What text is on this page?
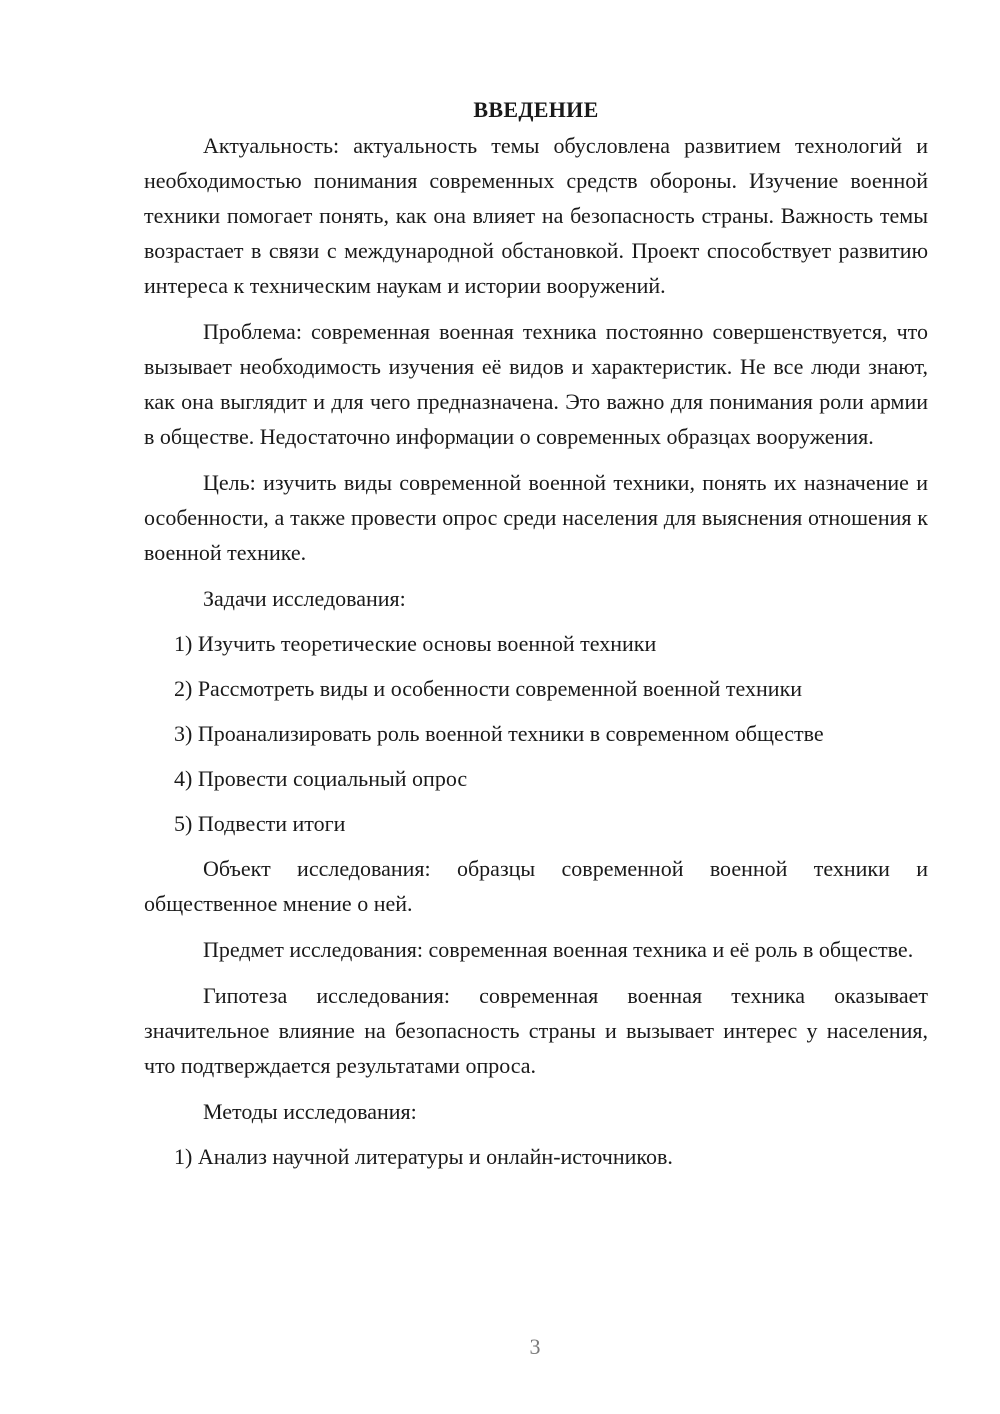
ВВЕДЕНИЕ

Актуальность: актуальность темы обусловлена развитием технологий и необходимостью понимания современных средств обороны. Изучение военной техники помогает понять, как она влияет на безопасность страны. Важность темы возрастает в связи с международной обстановкой. Проект способствует развитию интереса к техническим наукам и истории вооружений.

Проблема: современная военная техника постоянно совершенствуется, что вызывает необходимость изучения её видов и характеристик. Не все люди знают, как она выглядит и для чего предназначена. Это важно для понимания роли армии в обществе. Недостаточно информации о современных образцах вооружения.

Цель: изучить виды современной военной техники, понять их назначение и особенности, а также провести опрос среди населения для выяснения отношения к военной технике.

Задачи исследования:

1) Изучить теоретические основы военной техники
2) Рассмотреть виды и особенности современной военной техники
3) Проанализировать роль военной техники в современном обществе
4) Провести социальный опрос
5) Подвести итоги

Объект исследования: образцы современной военной техники и общественное мнение о ней.

Предмет исследования: современная военная техника и её роль в обществе.

Гипотеза исследования: современная военная техника оказывает значительное влияние на безопасность страны и вызывает интерес у населения, что подтверждается результатами опроса.

Методы исследования:

1) Анализ научной литературы и онлайн-источников.
3
